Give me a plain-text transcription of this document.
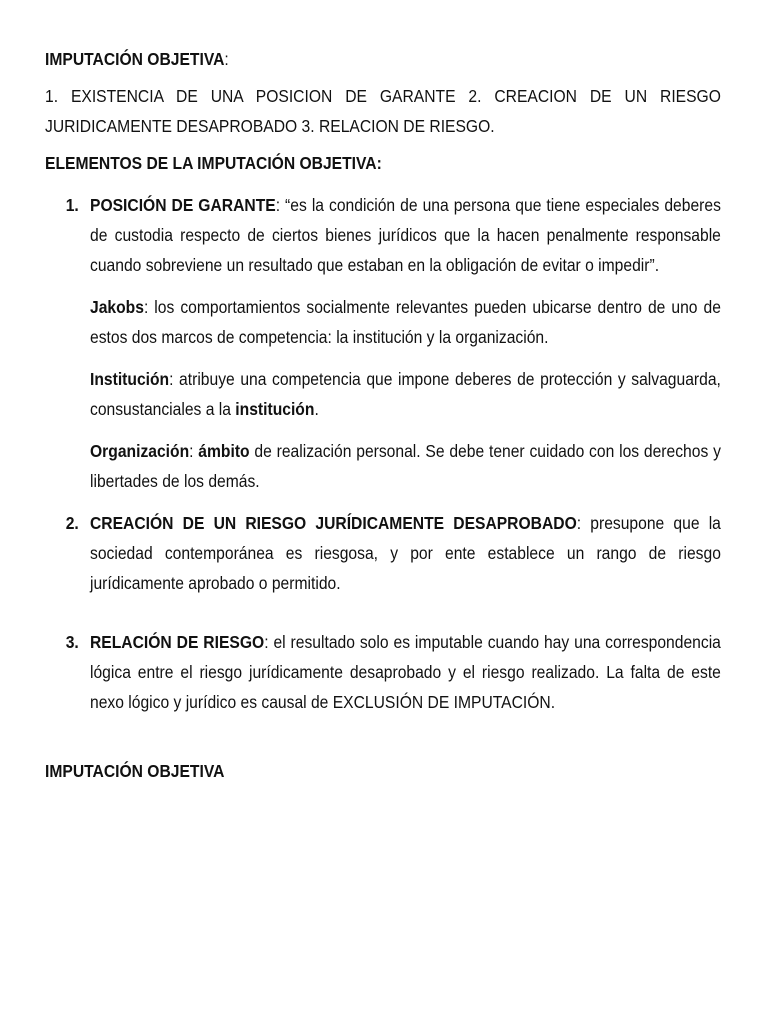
IMPUTACIÓN OBJETIVA:

1. EXISTENCIA DE UNA POSICION DE GARANTE 2. CREACION DE UN RIESGO JURIDICAMENTE DESAPROBADO 3. RELACION DE RIESGO.

ELEMENTOS DE LA IMPUTACIÓN OBJETIVA:

1. POSICIÓN DE GARANTE: “es la condición de una persona que tiene especiales deberes de custodia respecto de ciertos bienes jurídicos que la hacen penalmente responsable cuando sobreviene un resultado que estaban en la obligación de evitar o impedir”.

Jakobs: los comportamientos socialmente relevantes pueden ubicarse dentro de uno de estos dos marcos de competencia: la institución y la organización.

Institución: atribuye una competencia que impone deberes de protección y salvaguarda, consustanciales a la institución.

Organización: ámbito de realización personal. Se debe tener cuidado con los derechos y libertades de los demás.

2. CREACIÓN DE UN RIESGO JURÍDICAMENTE DESAPROBADO: presupone que la sociedad contemporánea es riesgosa, y por ente establece un rango de riesgo jurídicamente aprobado o permitido.
3. RELACIÓN DE RIESGO: el resultado solo es imputable cuando hay una correspondencia lógica entre el riesgo jurídicamente desaprobado y el riesgo realizado. La falta de este nexo lógico y jurídico es causal de EXCLUSIÓN DE IMPUTACIÓN.

IMPUTACIÓN OBJETIVA
